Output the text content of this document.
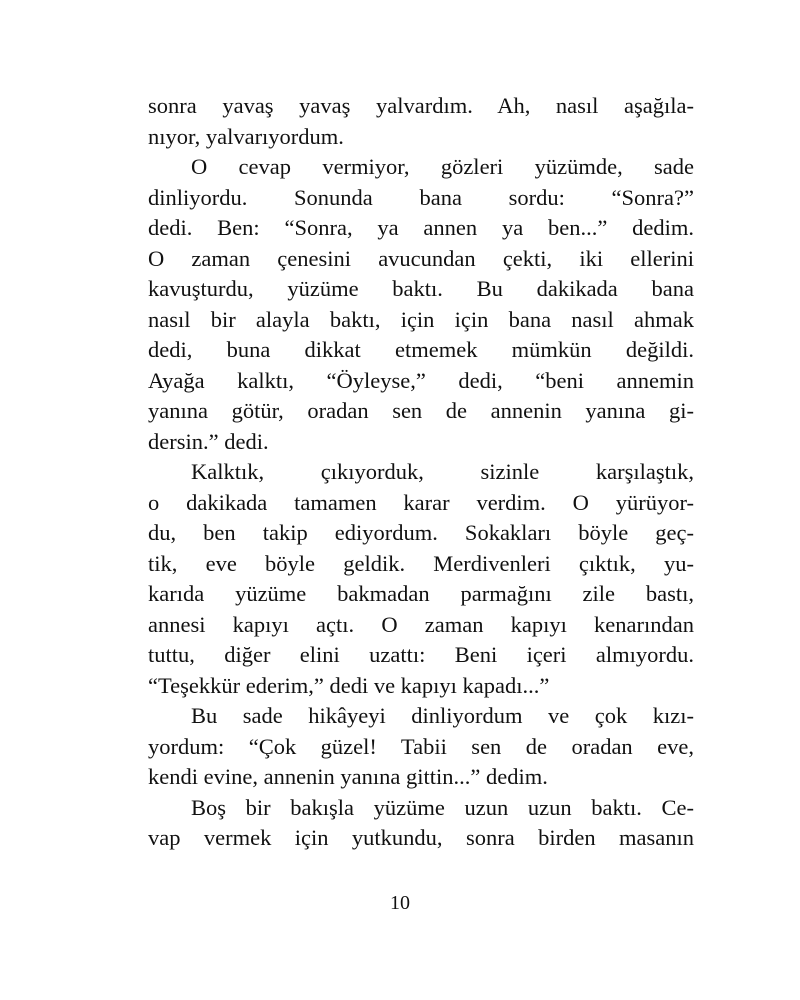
sonra yavaş yavaş yalvardım. Ah, nasıl aşağıla-
nıyor, yalvarıyordum.
O cevap vermiyor, gözleri yüzümde, sade
dinliyordu. Sonunda bana sordu: “Sonra?”
dedi. Ben: “Sonra, ya annen ya ben...” dedim.
O zaman çenesini avucundan çekti, iki ellerini
kavuşturdu, yüzüme baktı. Bu dakikada bana
nasıl bir alayla baktı, için için bana nasıl ahmak
dedi, buna dikkat etmemek mümkün değildi.
Ayağa kalktı, “Öyleyse,” dedi, “beni annemin
yanına götür, oradan sen de annenin yanına gi-
dersin.” dedi.
Kalktık, çıkıyorduk, sizinle karşılaştık,
o dakikada tamamen karar verdim. O yürüyor-
du, ben takip ediyordum. Sokakları böyle geç-
tik, eve böyle geldik. Merdivenleri çıktık, yu-
karıda yüzüme bakmadan parmağını zile bastı,
annesi kapıyı açtı. O zaman kapıyı kenarından
tuttu, diğer elini uzattı: Beni içeri almıyordu.
“Teşekkür ederim,” dedi ve kapıyı kapadı...”
Bu sade hikâyeyi dinliyordum ve çok kızı-
yordum: “Çok güzel! Tabii sen de oradan eve,
kendi evine, annenin yanına gittin...” dedim.
Boş bir bakışla yüzüme uzun uzun baktı. Ce-
vap vermek için yutkundu, sonra birden masanın
10
